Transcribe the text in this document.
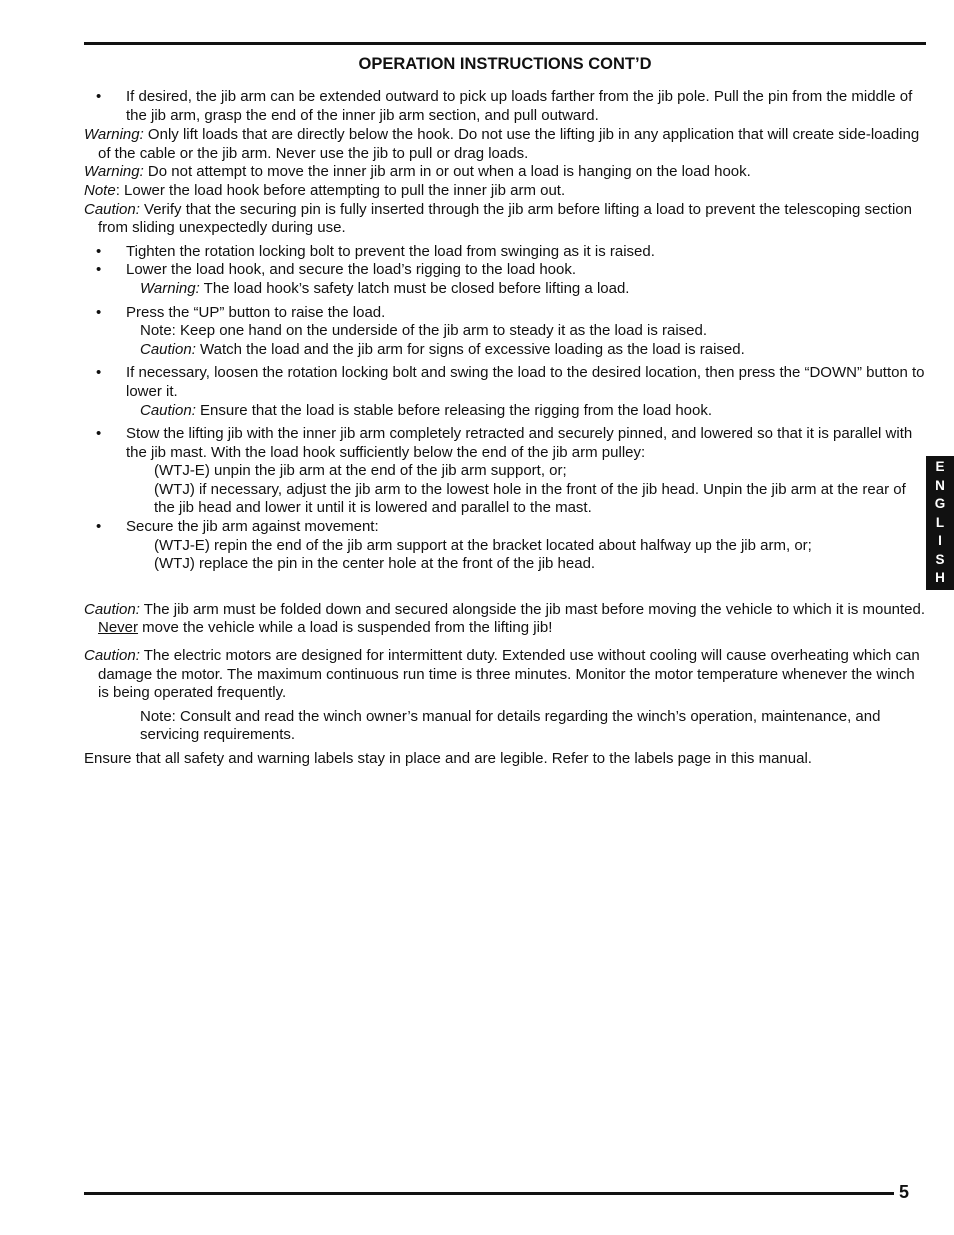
OPERATION INSTRUCTIONS CONT’D

• If desired, the jib arm can be extended outward to pick up loads farther from the jib pole. Pull the pin from the middle of the jib arm, grasp the end of the inner jib arm section, and pull outward.

Warning: Only lift loads that are directly below the hook. Do not use the lifting jib in any application that will create side-loading of the cable or the jib arm. Never use the jib to pull or drag loads.

Warning: Do not attempt to move the inner jib arm in or out when a load is hanging on the load hook.

Note: Lower the load hook before attempting to pull the inner jib arm out.

Caution: Verify that the securing pin is fully inserted through the jib arm before lifting a load to prevent the telescoping section from sliding unexpectedly during use.

• Tighten the rotation locking bolt to prevent the load from swinging as it is raised.

• Lower the load hook, and secure the load’s rigging to the load hook.

Warning: The load hook’s safety latch must be closed before lifting a load.

• Press the “UP” button to raise the load.

Note: Keep one hand on the underside of the jib arm to steady it as the load is raised.

Caution: Watch the load and the jib arm for signs of excessive loading as the load is raised.

• If necessary, loosen the rotation locking bolt and swing the load to the desired location, then press the “DOWN” button to lower it.

Caution: Ensure that the load is stable before releasing the rigging from the load hook.

• Stow the lifting jib with the inner jib arm completely retracted and securely pinned, and lowered so that it is parallel with the jib mast. With the load hook sufficiently below the end of the jib arm pulley:

(WTJ-E) unpin the jib arm at the end of the jib arm support, or;

(WTJ) if necessary, adjust the jib arm to the lowest hole in the front of the jib head. Unpin the jib arm at the rear of the jib head and lower it until it is lowered and parallel to the mast.

• Secure the jib arm against movement:

(WTJ-E) repin the end of the jib arm support at the bracket located about halfway up the jib arm, or;

(WTJ) replace the pin in the center hole at the front of the jib head.

Caution: The jib arm must be folded down and secured alongside the jib mast before moving the vehicle to which it is mounted. Never move the vehicle while a load is suspended from the lifting jib!

Caution: The electric motors are designed for intermittent duty. Extended use without cooling will cause overheating which can damage the motor. The maximum continuous run time is three minutes. Monitor the motor temperature whenever the winch is being operated frequently.

Note: Consult and read the winch owner’s manual for details regarding the winch’s operation, maintenance, and servicing requirements.

Ensure that all safety and warning labels stay in place and are legible. Refer to the labels page in this manual.

E
N
G
L
I
S
H
5
